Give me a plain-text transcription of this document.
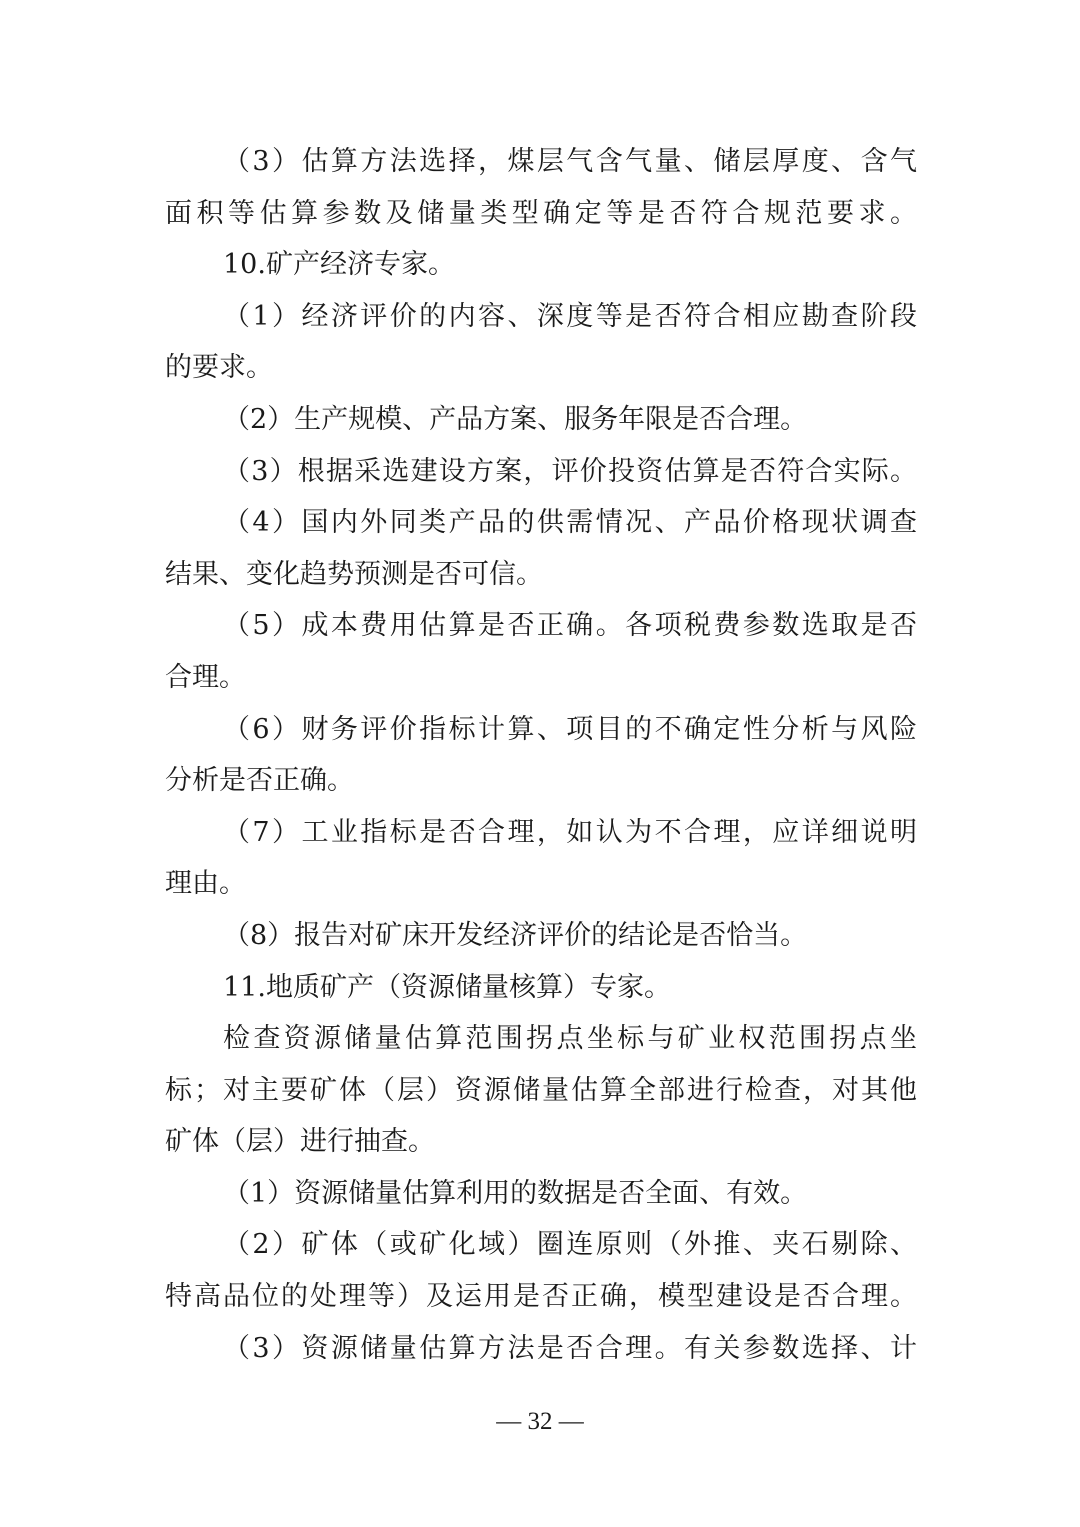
（3）估算方法选择，煤层气含气量、储层厚度、含气
面积等估算参数及储量类型确定等是否符合规范要求。
10.矿产经济专家。
（1）经济评价的内容、深度等是否符合相应勘查阶段
的要求。
（2）生产规模、产品方案、服务年限是否合理。
（3）根据采选建设方案，评价投资估算是否符合实际。
（4）国内外同类产品的供需情况、产品价格现状调查
结果、变化趋势预测是否可信。
（5）成本费用估算是否正确。各项税费参数选取是否
合理。
（6）财务评价指标计算、项目的不确定性分析与风险
分析是否正确。
（7）工业指标是否合理，如认为不合理，应详细说明
理由。
（8）报告对矿床开发经济评价的结论是否恰当。
11.地质矿产（资源储量核算）专家。
检查资源储量估算范围拐点坐标与矿业权范围拐点坐
标；对主要矿体（层）资源储量估算全部进行检查，对其他
矿体（层）进行抽查。
（1）资源储量估算利用的数据是否全面、有效。
（2）矿体（或矿化域）圈连原则（外推、夹石剔除、
特高品位的处理等）及运用是否正确，模型建设是否合理。
（3）资源储量估算方法是否合理。有关参数选择、计
— 32 —
